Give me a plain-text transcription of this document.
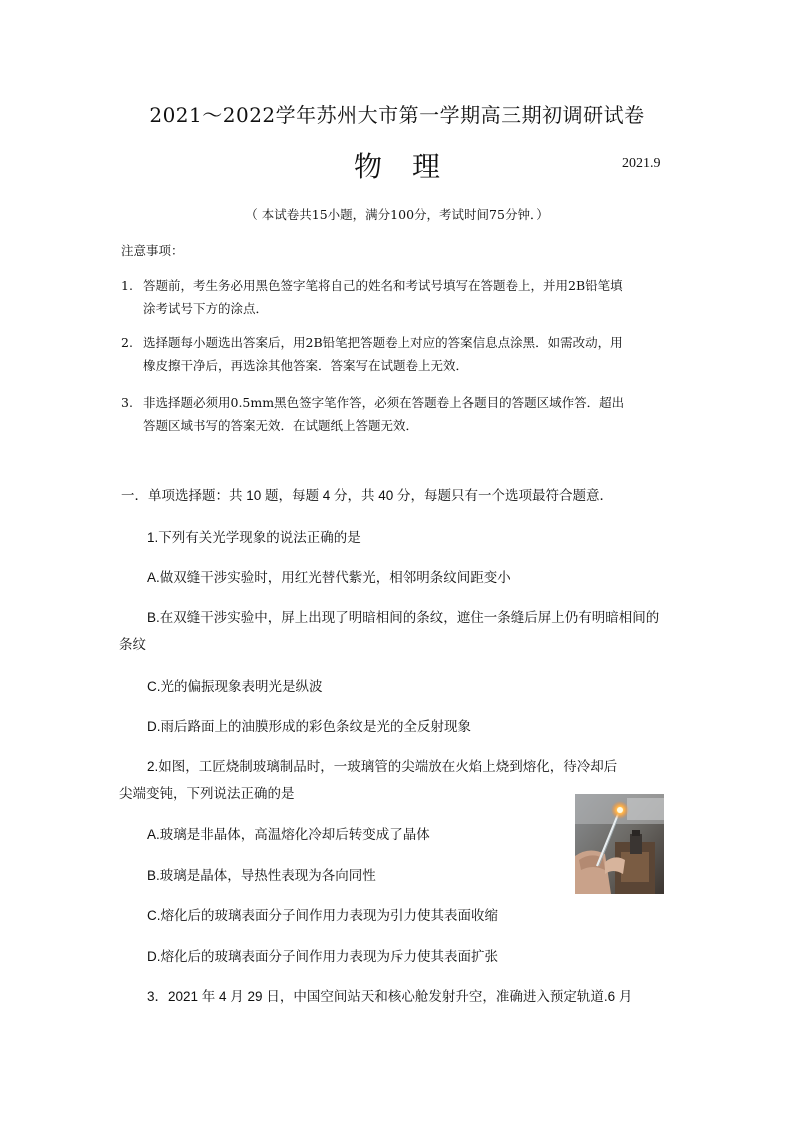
2021～2022学年苏州大市第一学期高三期初调研试卷
物理	2021.9
（ 本试卷共15小题，满分100分，考试时间75分钟．）
注意事项：
1. 答题前，考生务必用黑色签字笔将自己的姓名和考试号填写在答题卷上，并用2B铅笔填
涂考试号下方的涂点．
2. 选择题每小题选出答案后，用2B铅笔把答题卷上对应的答案信息点涂黑．如需改动，用
橡皮擦干净后，再选涂其他答案．答案写在试题卷上无效．
3. 非选择题必须用0.5mm黑色签字笔作答，必须在答题卷上各题目的答题区域作答．超出
答题区域书写的答案无效．在试题纸上答题无效．
一．单项选择题：共 10 题，每题 4 分，共 40 分，每题只有一个选项最符合题意．
1.下列有关光学现象的说法正确的是
A.做双缝干涉实验时，用红光替代紫光，相邻明条纹间距变小
B.在双缝干涉实验中，屏上出现了明暗相间的条纹，遮住一条缝后屏上仍有明暗相间的
条纹
C.光的偏振现象表明光是纵波
D.雨后路面上的油膜形成的彩色条纹是光的全反射现象
2.如图，工匠烧制玻璃制品时，一玻璃管的尖端放在火焰上烧到熔化，待冷却后
尖端变钝，下列说法正确的是
A.玻璃是非晶体，高温熔化冷却后转变成了晶体
B.玻璃是晶体，导热性表现为各向同性
C.熔化后的玻璃表面分子间作用力表现为引力使其表面收缩
D.熔化后的玻璃表面分子间作用力表现为斥力使其表面扩张
3．2021 年 4 月 29 日，中国空间站天和核心舱发射升空，准确进入预定轨道.6 月
